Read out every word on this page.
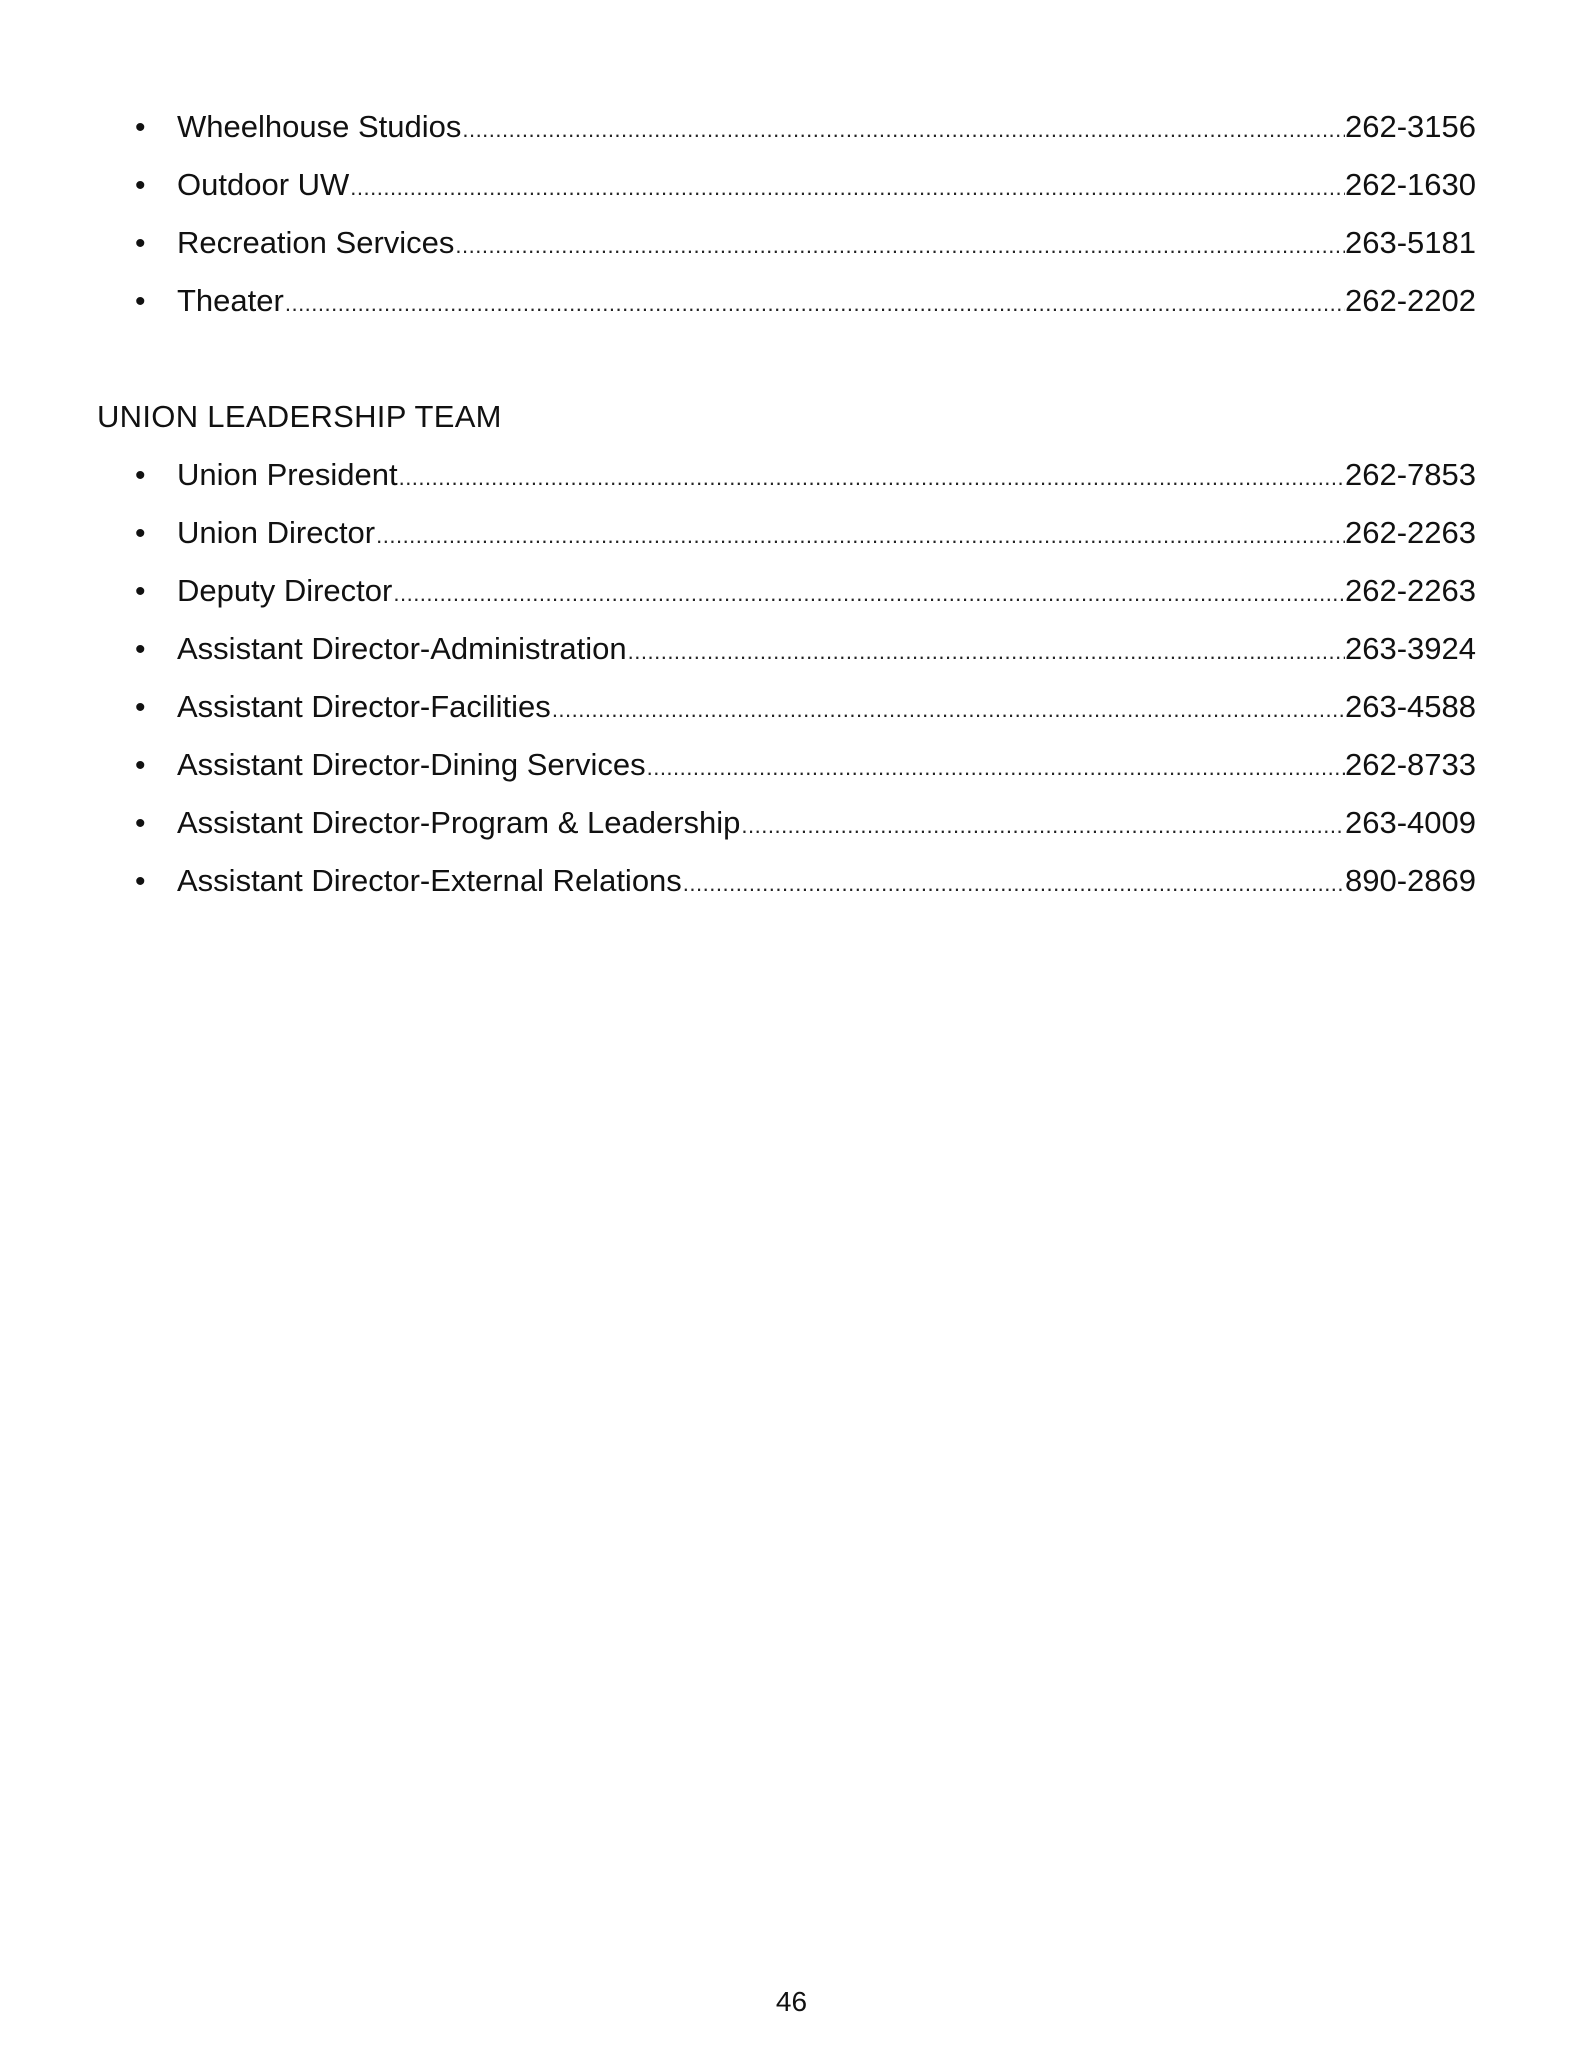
•	Wheelhouse Studios .....	262-3156
•	Outdoor UW .....	262-1630
•	Recreation Services .....	263-5181
•	Theater .....	262-2202
UNION LEADERSHIP TEAM
•	Union President .....	262-7853
•	Union Director .....	262-2263
•	Deputy Director .....	262-2263
•	Assistant Director-Administration .....	263-3924
•	Assistant Director-Facilities .....	263-4588
•	Assistant Director-Dining Services .....	262-8733
•	Assistant Director-Program & Leadership .....	263-4009
•	Assistant Director-External Relations .....	890-2869
46
